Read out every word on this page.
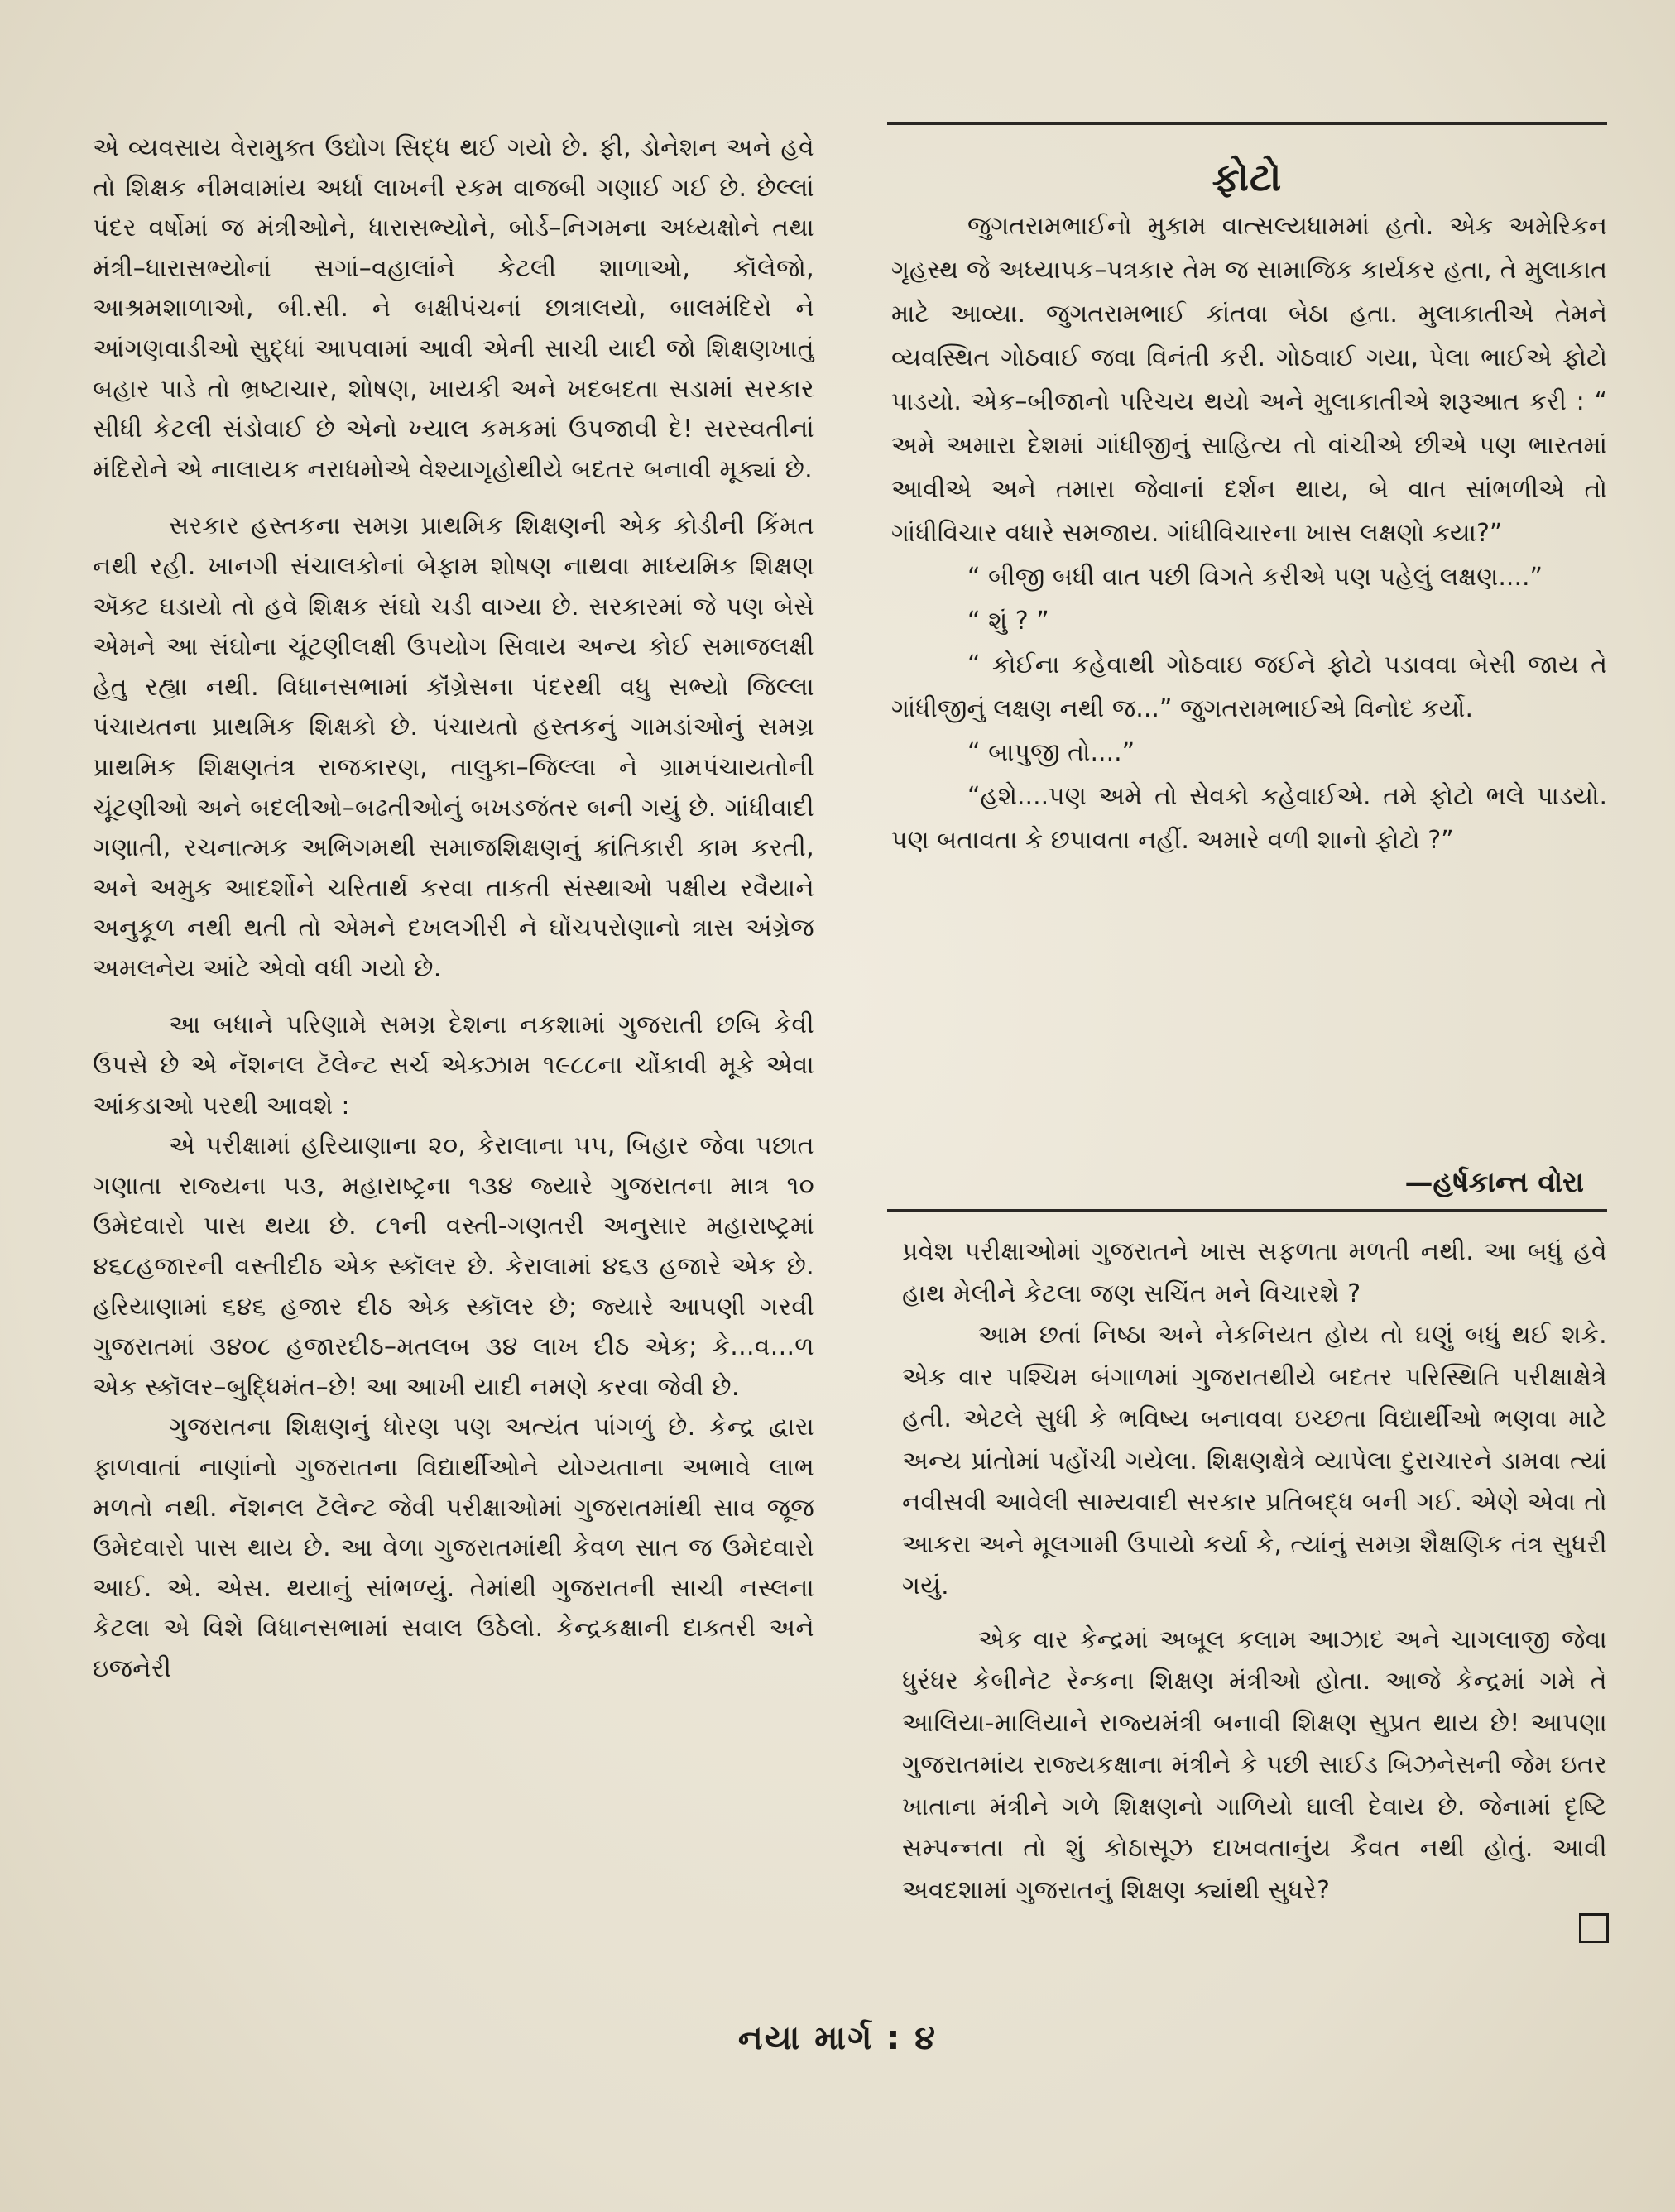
એ વ્યવસાય વેરામુક્ત ઉદ્યોગ સિદ્ધ થઈ ગયો છે. ફી, ડોનેશન અને હવે તો શિક્ષક નીમવામાંય અર્ધા લાખની રકમ વાજબી ગણાઈ ગઈ છે. છેલ્લાં પંદર વર્ષોમાં જ મંત્રીઓને, ધારાસભ્યોને, બોર્ડ–નિગમના અધ્યક્ષોને તથા મંત્રી–ધારાસભ્યોનાં સગાં–વહાલાંને કેટલી શાળાઓ, કૉલેજો, આશ્રમશાળાઓ, બી.સી. ને બક્ષીપંચનાં છાત્રાલયો, બાલમંદિરો ને આંગણવાડીઓ સુદ્ધાં આપવામાં આવી એની સાચી યાદી જો શિક્ષણખાતું બહાર પાડે તો ભ્રષ્ટાચાર, શોષણ, ખાયકી અને ખદબદતા સડામાં સરકાર સીધી કેટલી સંડોવાઈ છે એનો ખ્યાલ કમકમાં ઉપજાવી દે! સરસ્વતીનાં મંદિરોને એ નાલાયક નરાધમોએ વેશ્યાગૃહોથીયે બદતર બનાવી મૂક્યાં છે.

સરકાર હસ્તકના સમગ્ર પ્રાથમિક શિક્ષણની એક કોડીની કિંમત નથી રહી. ખાનગી સંચાલકોનાં બેફામ શોષણ નાથવા માધ્યમિક શિક્ષણ ઍક્ટ ઘડાયો તો હવે શિક્ષક સંઘો ચડી વાગ્યા છે. સરકારમાં જે પણ બેસે એમને આ સંઘોના ચૂંટણીલક્ષી ઉપયોગ સિવાય અન્ય કોઈ સમાજલક્ષી હેતુ રહ્યા નથી. વિધાનસભામાં કૉંગ્રેસના પંદરથી વધુ સભ્યો જિલ્લા પંચાયતના પ્રાથમિક શિક્ષકો છે. પંચાયતો હસ્તકનું ગામડાંઓનું સમગ્ર પ્રાથમિક શિક્ષણતંત્ર રાજકારણ, તાલુકા–જિલ્લા ને ગ્રામપંચાયતોની ચૂંટણીઓ અને બદલીઓ–બઢતીઓનું બખડજંતર બની ગયું છે. ગાંધીવાદી ગણાતી, રચનાત્મક અભિગમથી સમાજશિક્ષણનું ક્રાંતિકારી કામ કરતી, અને અમુક આદર્શોને ચરિતાર્થ કરવા તાકતી સંસ્થાઓ પક્ષીય રવૈયાને અનુકૂળ નથી થતી તો એમને દખલગીરી ને ઘોંચપરોણાનો ત્રાસ અંગ્રેજ અમલનેય આંટે એવો વધી ગયો છે.

આ બધાને પરિણામે સમગ્ર દેશના નકશામાં ગુજરાતી છબિ કેવી ઉપસે છે એ નૅશનલ ટૅલેન્ટ સર્ચ એક્ઝામ ૧૯૮૮ના ચોંકાવી મૂકે એવા આંકડાઓ પરથી આવશે :

એ પરીક્ષામાં હરિયાણાના ૨૦, કેરાલાના ૫૫, બિહાર જેવા પછાત ગણાતા રાજ્યના ૫૩, મહારાષ્ટ્રના ૧૩૪ જ્યારે ગુજરાતના માત્ર ૧૦ ઉમેદવારો પાસ થયા છે. ૮૧ની વસ્તી-ગણતરી અનુસાર મહારાષ્ટ્રમાં ૪૬૮હજારની વસ્તીદીઠ એક સ્કૉલર છે. કેરાલામાં ૪૬૩ હજારે એક છે. હરિયાણામાં ૬૪૬ હજાર દીઠ એક સ્કૉલર છે; જ્યારે આપણી ગરવી ગુજરાતમાં ૩૪૦૮ હજારદીઠ–મતલબ ૩૪ લાખ દીઠ એક; કે...વ...ળ એક સ્કૉલર–બુદ્ધિમંત–છે! આ આખી યાદી નમણે કરવા જેવી છે.

ગુજરાતના શિક્ષણનું ધોરણ પણ અત્યંત પાંગળું છે. કેન્દ્ર દ્વારા ફાળવાતાં નાણાંનો ગુજરાતના વિદ્યાર્થીઓને યોગ્યતાના અભાવે લાભ મળતો નથી. નૅશનલ ટૅલેન્ટ જેવી પરીક્ષાઓમાં ગુજરાતમાંથી સાવ જૂજ ઉમેદવારો પાસ થાય છે. આ વેળા ગુજરાતમાંથી કેવળ સાત જ ઉમેદવારો આઈ. એ. એસ. થયાનું સાંભળ્યું. તેમાંથી ગુજરાતની સાચી નસ્લના કેટલા એ વિશે વિધાનસભામાં સવાલ ઉઠેલો. કેન્દ્રકક્ષાની દાક્તરી અને ઇજનેરી

ફોટો

જુગતરામભાઈનો મુકામ વાત્સલ્યધામમાં હતો. એક અમેરિકન ગૃહસ્થ જે અધ્યાપક–પત્રકાર તેમ જ સામાજિક કાર્યકર હતા, તે મુલાકાત માટે આવ્યા. જુગતરામભાઈ કાંતવા બેઠા હતા. મુલાકાતીએ તેમને વ્યવસ્થિત ગોઠવાઈ જવા વિનંતી કરી. ગોઠવાઈ ગયા, પેલા ભાઈએ ફોટો પાડયો. એક–બીજાનો પરિચય થયો અને મુલાકાતીએ શરૂઆત કરી : “ અમે અમારા દેશમાં ગાંધીજીનું સાહિત્ય તો વાંચીએ છીએ પણ ભારતમાં આવીએ અને તમારા જેવાનાં દર્શન થાય, બે વાત સાંભળીએ તો ગાંધીવિચાર વધારે સમજાય. ગાંધીવિચારના ખાસ લક્ષણો કયા?”

“ બીજી બધી વાત પછી વિગતે કરીએ પણ પહેલું લક્ષણ....”

“ શું ? ”

“ કોઈના કહેવાથી ગોઠવાઇ જઈને ફોટો પડાવવા બેસી જાય તે ગાંધીજીનું લક્ષણ નથી જ...” જુગતરામભાઈએ વિનોદ કર્યો.

“ બાપુજી તો....”

“હશે....પણ અમે તો સેવકો કહેવાઈએ. તમે ફોટો ભલે પાડયો. પણ બતાવતા કે છપાવતા નહીં. અમારે વળી શાનો ફોટો ?”

—હર્ષકાન્ત વોરા

પ્રવેશ પરીક્ષાઓમાં ગુજરાતને ખાસ સફળતા મળતી નથી. આ બધું હવે હાથ મેલીને કેટલા જણ સચિંત મને વિચારશે ?

આમ છતાં નિષ્ઠા અને નેકનિયત હોય તો ઘણું બધું થઈ શકે. એક વાર પશ્ચિમ બંગાળમાં ગુજરાતથીયે બદતર પરિસ્થિતિ પરીક્ષાક્ષેત્રે હતી. એટલે સુધી કે ભવિષ્ય બનાવવા ઇચ્છતા વિદ્યાર્થીઓ ભણવા માટે અન્ય પ્રાંતોમાં પહોંચી ગયેલા. શિક્ષણક્ષેત્રે વ્યાપેલા દુરાચારને ડામવા ત્યાં નવીસવી આવેલી સામ્યવાદી સરકાર પ્રતિબદ્ધ બની ગઈ. એણે એવા તો આકરા અને મૂલગામી ઉપાયો કર્યા કે, ત્યાંનું સમગ્ર શૈક્ષણિક તંત્ર સુધરી ગયું.

એક વાર કેન્દ્રમાં અબૂલ કલામ આઝાદ અને ચાગલાજી જેવા ધુરંધર કેબીનેટ રેન્કના શિક્ષણ મંત્રીઓ હોતા. આજે કેન્દ્રમાં ગમે તે આલિયા-માલિયાને રાજ્યમંત્રી બનાવી શિક્ષણ સુપ્રત થાય છે! આપણા ગુજરાતમાંય રાજ્યકક્ષાના મંત્રીને કે પછી સાઈડ બિઝનેસની જેમ ઇતર ખાતાના મંત્રીને ગળે શિક્ષણનો ગાળિયો ઘાલી દેવાય છે. જેનામાં દૃષ્ટિ સમ્પન્નતા તો શું કોઠાસૂઝ દાખવતાનુંય કૈવત નથી હોતું. આવી અવદશામાં ગુજરાતનું શિક્ષણ ક્યાંથી સુધરે?

નયા માર્ગ : ૪
